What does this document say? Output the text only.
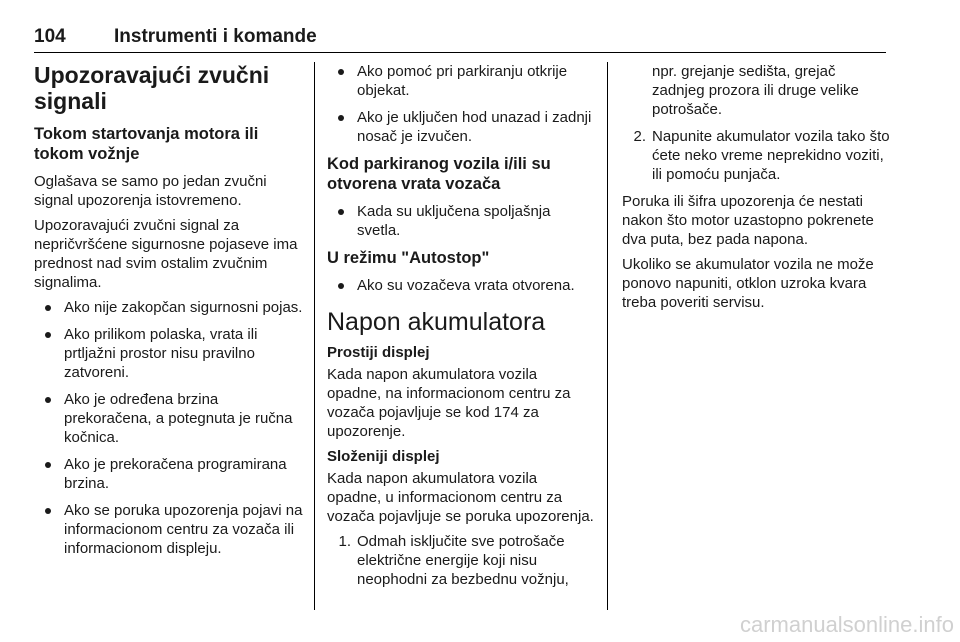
104	Instrumenti i komande
Upozoravajući zvučni signali
Tokom startovanja motora ili tokom vožnje

Oglašava se samo po jedan zvučni signal upozorenja istovremeno.

Upozoravajući zvučni signal za nepričvršćene sigurnosne pojaseve ima prednost nad svim ostalim zvučnim signalima.

Ako nije zakopčan sigurnosni pojas.
Ako prilikom polaska, vrata ili prtljažni prostor nisu pravilno zatvoreni.
Ako je određena brzina prekoračena, a potegnuta je ručna kočnica.
Ako je prekoračena programirana brzina.
Ako se poruka upozorenja pojavi na informacionom centru za vozača ili informacionom displeju.
Ako pomoć pri parkiranju otkrije objekat.
Ako je uključen hod unazad i zadnji nosač je izvučen.
Kod parkiranog vozila i/ili su otvorena vrata vozača
Kada su uključena spoljašnja svetla.
U režimu "Autostop"
Ako su vozačeva vrata otvorena.
Napon akumulatora
Prostiji displej

Kada napon akumulatora vozila opadne, na informacionom centru za vozača pojavljuje se kod 174 za upozorenje.

Složeniji displej

Kada napon akumulatora vozila opadne, u informacionom centru za vozača pojavljuje se poruka upozorenja.

1. Odmah isključite sve potrošače električne energije koji nisu neophodni za bezbednu vožnju,
npr. grejanje sedišta, grejač zadnjeg prozora ili druge velike potrošače.
2. Napunite akumulator vozila tako što ćete neko vreme neprekidno voziti, ili pomoću punjača.

Poruka ili šifra upozorenja će nestati nakon što motor uzastopno pokrenete dva puta, bez pada napona.

Ukoliko se akumulator vozila ne može ponovo napuniti, otklon uzroka kvara treba poveriti servisu.

carmanualsonline.info
